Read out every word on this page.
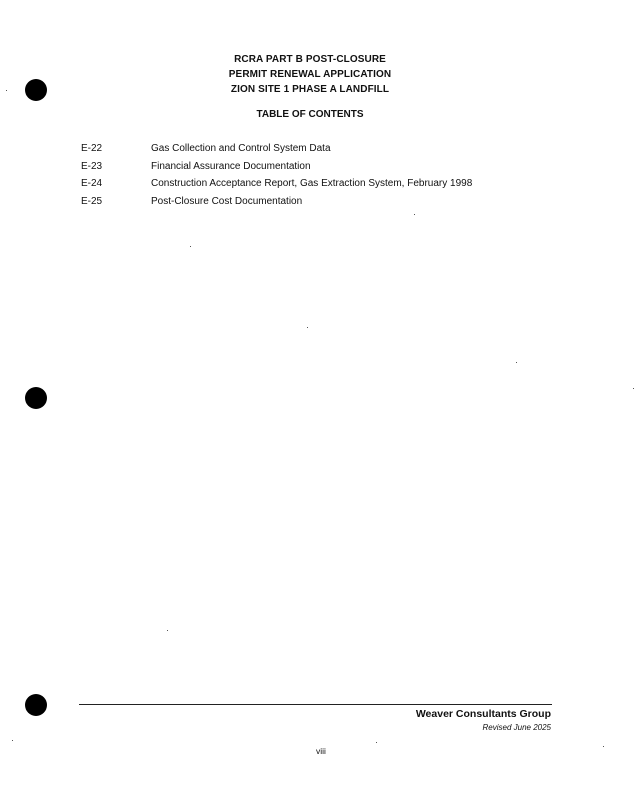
RCRA PART B POST-CLOSURE
PERMIT RENEWAL APPLICATION
ZION SITE 1 PHASE A LANDFILL
TABLE OF CONTENTS
E-22	Gas Collection and Control System Data
E-23	Financial Assurance Documentation
E-24	Construction Acceptance Report, Gas Extraction System, February 1998
E-25	Post-Closure Cost Documentation
Weaver Consultants Group
Revised June 2025
viii
